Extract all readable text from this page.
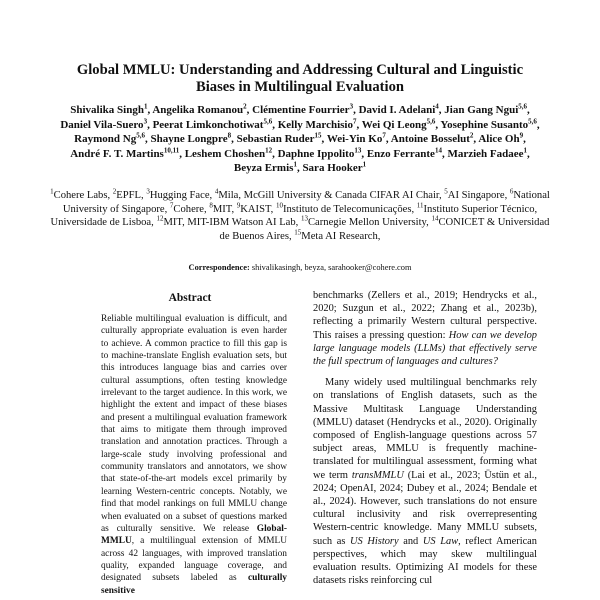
Global MMLU: Understanding and Addressing Cultural and Linguistic Biases in Multilingual Evaluation
Shivalika Singh$^1$, Angelika Romanou$^2$, Clémentine Fourrier$^3$, David I. Adelani$^4$, Jian Gang Ngui$^{5,6}$, Daniel Vila-Suero$^3$, Peerat Limkonchotiwat$^{5,6}$, Kelly Marchisio$^7$, Wei Qi Leong$^{5,6}$, Yosephine Susanto$^{5,6}$, Raymond Ng$^{5,6}$, Shayne Longpre$^8$, Sebastian Ruder$^{15}$, Wei-Yin Ko$^7$, Antoine Bosselut$^2$, Alice Oh$^9$, André F. T. Martins$^{10,11}$, Leshem Choshen$^{12}$, Daphne Ippolito$^{13}$, Enzo Ferrante$^{14}$, Marzieh Fadaee$^1$, Beyza Ermis$^1$, Sara Hooker$^1$
$^1$Cohere Labs, $^2$EPFL, $^3$Hugging Face, $^4$Mila, McGill University & Canada CIFAR AI Chair, $^5$AI Singapore, $^6$National University of Singapore, $^7$Cohere, $^8$MIT, $^9$KAIST, $^{10}$Instituto de Telecomunicações, $^{11}$Instituto Superior Técnico, Universidade de Lisboa, $^{12}$MIT, MIT-IBM Watson AI Lab, $^{13}$Carnegie Mellon University, $^{14}$CONICET & Universidad de Buenos Aires, $^{15}$Meta AI Research,
Correspondence: shivalikasingh, beyza, sarahooker@cohere.com
Abstract
Reliable multilingual evaluation is difficult, and culturally appropriate evaluation is even harder to achieve. A common practice to fill this gap is to machine-translate English evaluation sets, but this introduces language bias and carries over cultural assumptions, often testing knowledge irrelevant to the target audience. In this work, we highlight the extent and impact of these biases and present a multilingual evaluation framework that aims to mitigate them through improved translation and annotation practices. Through a large-scale study involving professional and community translators and annotators, we show that state-of-the-art models excel primarily by learning Western-centric concepts. Notably, we find that model rankings on full MMLU change when evaluated on a subset of questions marked as culturally sensitive. We release Global-MMLU, a multilingual extension of MMLU across 42 languages, with improved translation quality, expanded language coverage, and designated subsets labeled as culturally sensitive

benchmarks (Zellers et al., 2019; Hendrycks et al., 2020; Suzgun et al., 2022; Zhang et al., 2023b), reflecting a primarily Western cultural perspective. This raises a pressing question: How can we develop large language models (LLMs) that effectively serve the full spectrum of languages and cultures?

Many widely used multilingual benchmarks rely on translations of English datasets, such as the Massive Multitask Language Understanding (MMLU) dataset (Hendrycks et al., 2020). Originally composed of English-language questions across 57 subject areas, MMLU is frequently machine-translated for multilingual assessment, forming what we term transMMLU (Lai et al., 2023; Üstün et al., 2024; OpenAI, 2024; Dubey et al., 2024; Bendale et al., 2024). However, such translations do not ensure cultural inclusivity and risk overrepresenting Western-centric knowledge. Many MMLU subsets, such as US History and US Law, reflect American perspectives, which may skew multilingual evaluation results. Optimizing AI models for these datasets risks reinforcing cul
